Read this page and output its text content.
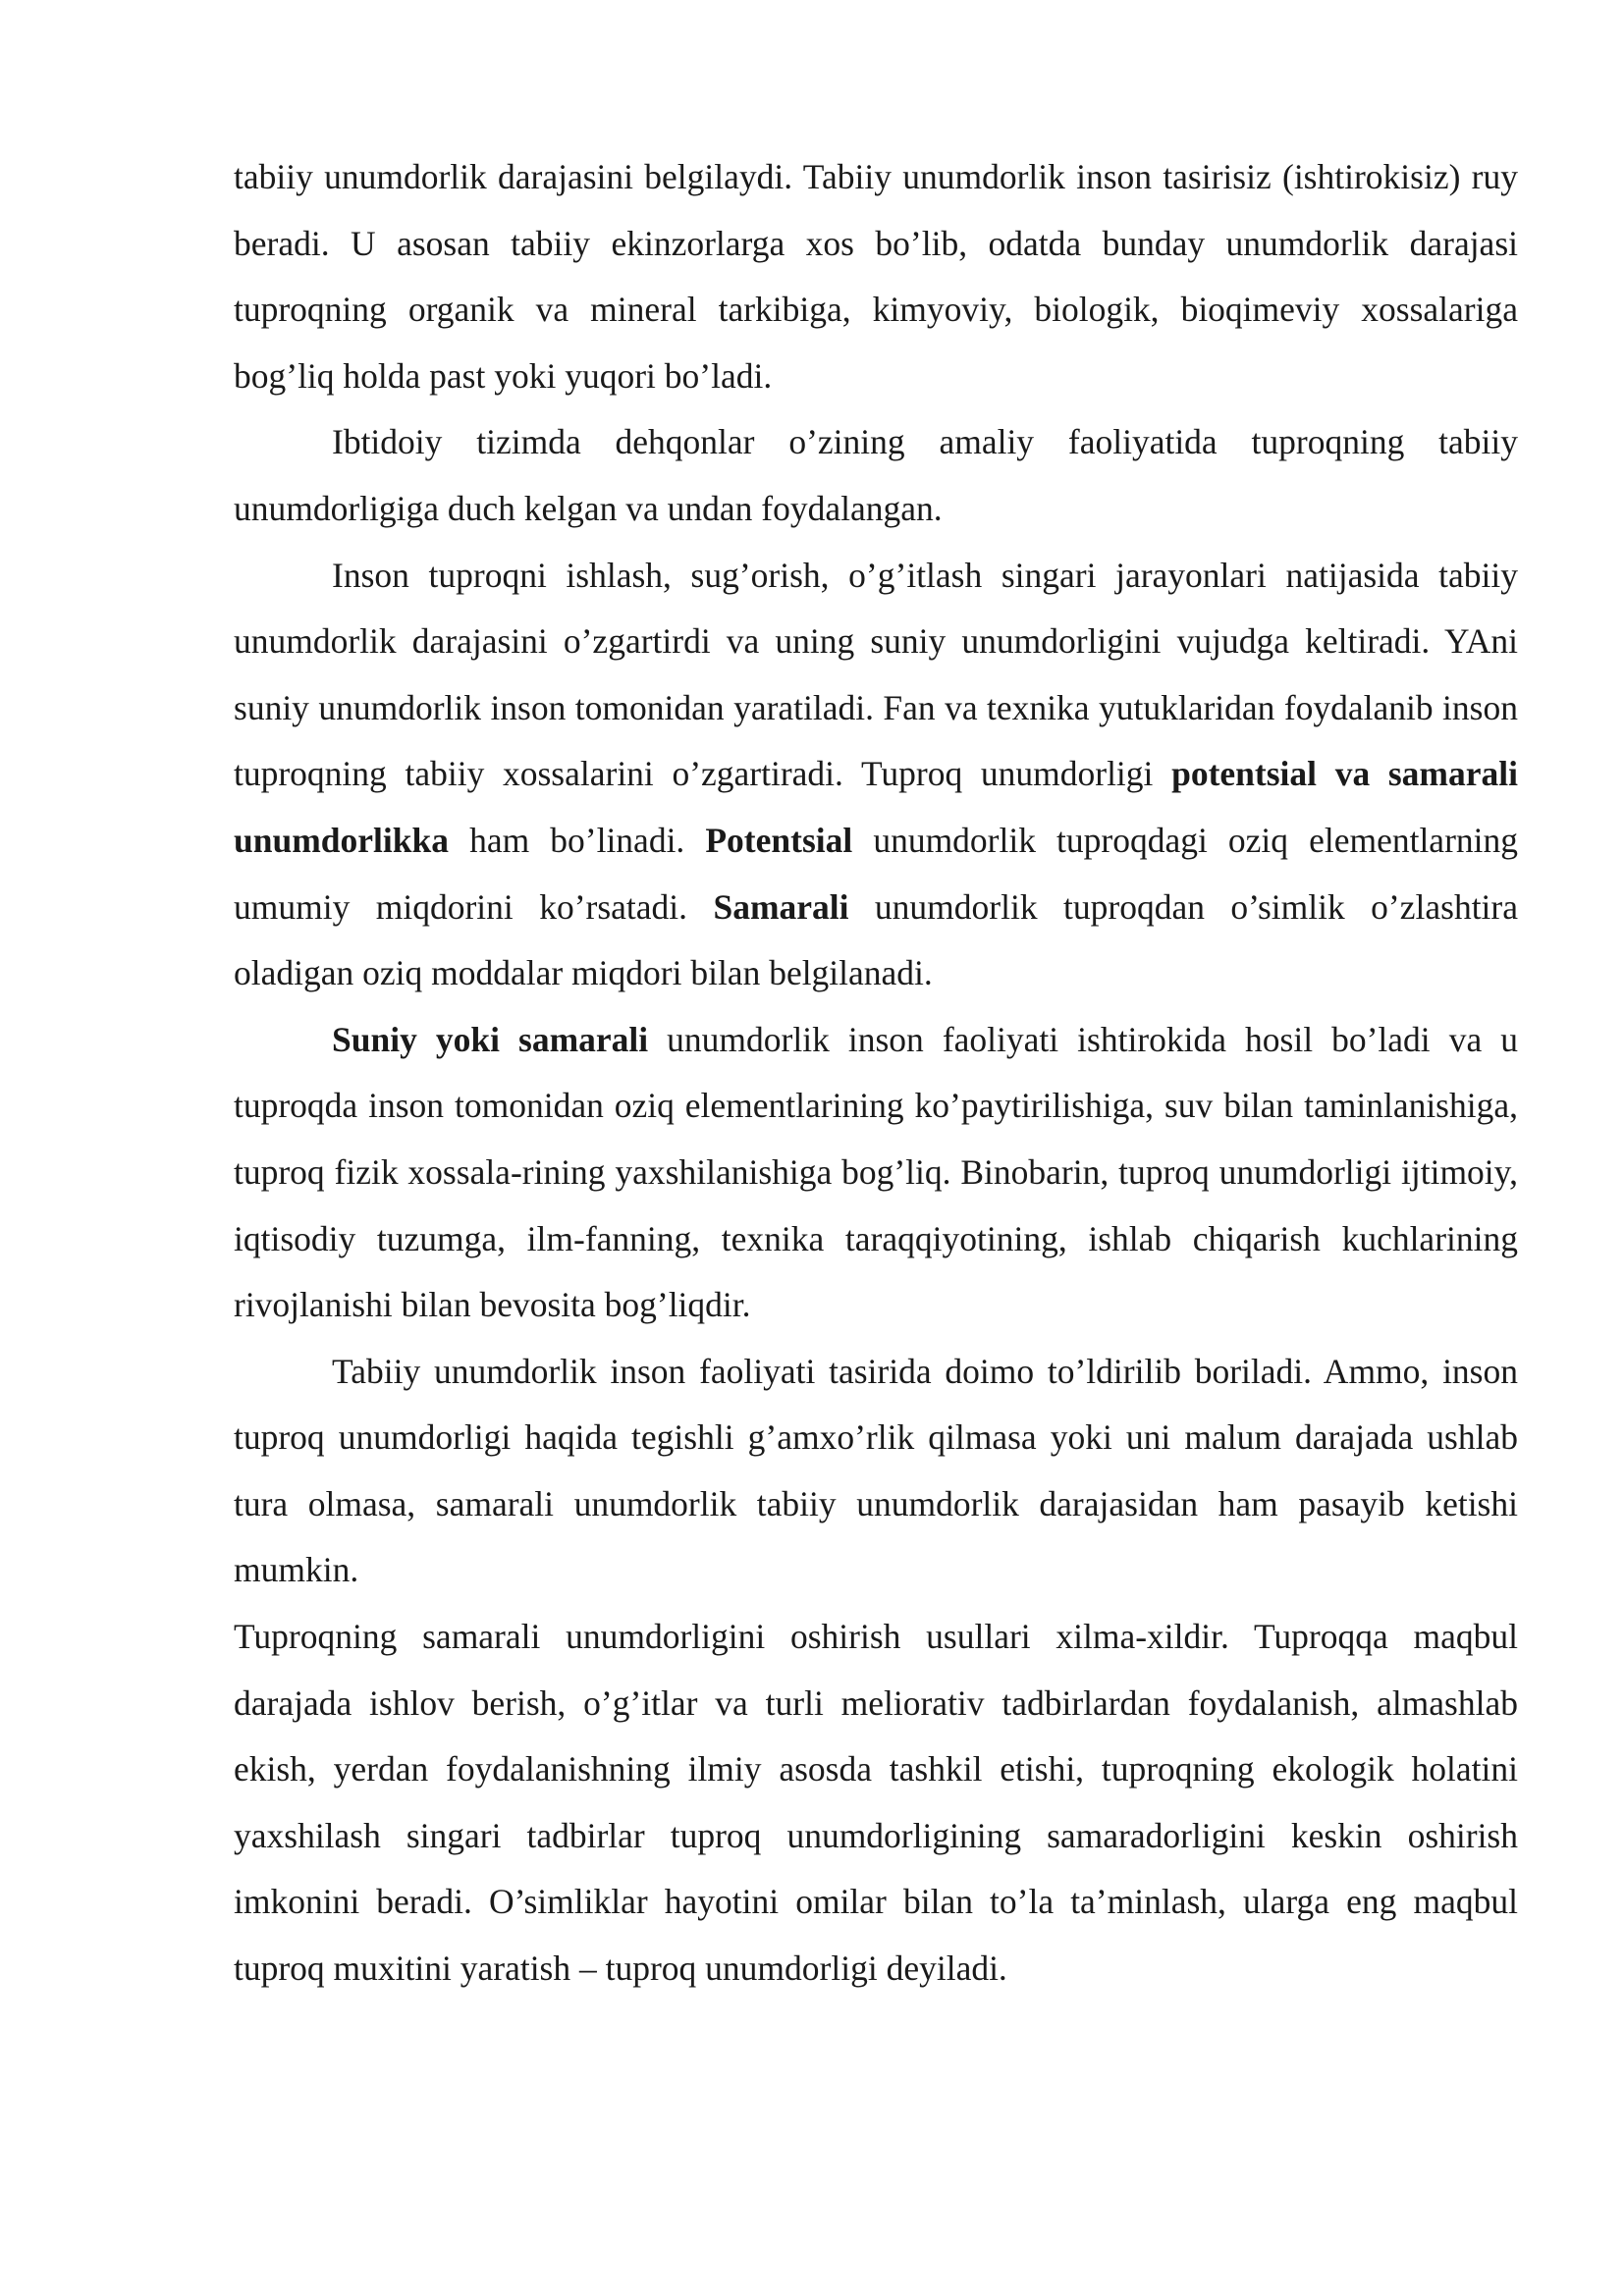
tabiiy unumdorlik darajasini belgilaydi. Tabiiy unumdorlik inson tasirisiz (ishtirokisiz) ruy beradi. U asosan tabiiy ekinzorlarga xos bo’lib, odatda bunday unumdorlik darajasi tuproqning organik va mineral tarkibiga, kimyoviy, biologik, bioqimeviy xossalariga bog’liq holda past yoki yuqori bo’ladi.

Ibtidoiy tizimda dehqonlar o’zining amaliy faoliyatida tuproqning tabiiy unumdorligiga duch kelgan va undan foydalangan.

Inson tuproqni ishlash, sug’orish, o’g’itlash singari jarayonlari natijasida tabiiy unumdorlik darajasini o’zgartirdi va uning suniy unumdorligini vujudga keltiradi. YAni suniy unumdorlik inson tomonidan yaratiladi. Fan va texnika yutuklaridan foydalanib inson tuproqning tabiiy xossalarini o’zgartiradi. Tuproq unumdorligi potentsial va samarali unumdorlikka ham bo’linadi. Potentsial unumdorlik tuproqdagi oziq elementlarning umumiy miqdorini ko’rsatadi. Samarali unumdorlik tuproqdan o’simlik o’zlashtira oladigan oziq moddalar miqdori bilan belgilanadi.

Suniy yoki samarali unumdorlik inson faoliyati ishtirokida hosil bo’ladi va u tuproqda inson tomonidan oziq elementlarining ko’paytirilishiga, suv bilan taminlanishiga, tuproq fizik xossala-rining yaxshilanishiga bog’liq. Binobarin, tuproq unumdorligi ijtimoiy, iqtisodiy tuzumga, ilm-fanning, texnika taraqqiyotining, ishlab chiqarish kuchlarining rivojlanishi bilan bevosita bog’liqdir.

Tabiiy unumdorlik inson faoliyati tasirida doimo to’ldirilib boriladi. Ammo, inson tuproq unumdorligi haqida tegishli g’amxo’rlik qilmasa yoki uni malum darajada ushlab tura olmasa, samarali unumdorlik tabiiy unumdorlik darajasidan ham pasayib ketishi mumkin.

Tuproqning samarali unumdorligini oshirish usullari xilma-xildir. Tuproqqa maqbul darajada ishlov berish, o’g’itlar va turli meliorativ tadbirlardan foydalanish, almashlab ekish, yerdan foydalanishning ilmiy asosda tashkil etishi, tuproqning ekologik holatini yaxshilash singari tadbirlar tuproq unumdorligining samaradorligini keskin oshirish imkonini beradi. O’simliklar hayotini omilar bilan to’la ta’minlash, ularga eng maqbul tuproq muxitini yaratish – tuproq unumdorligi deyiladi.
